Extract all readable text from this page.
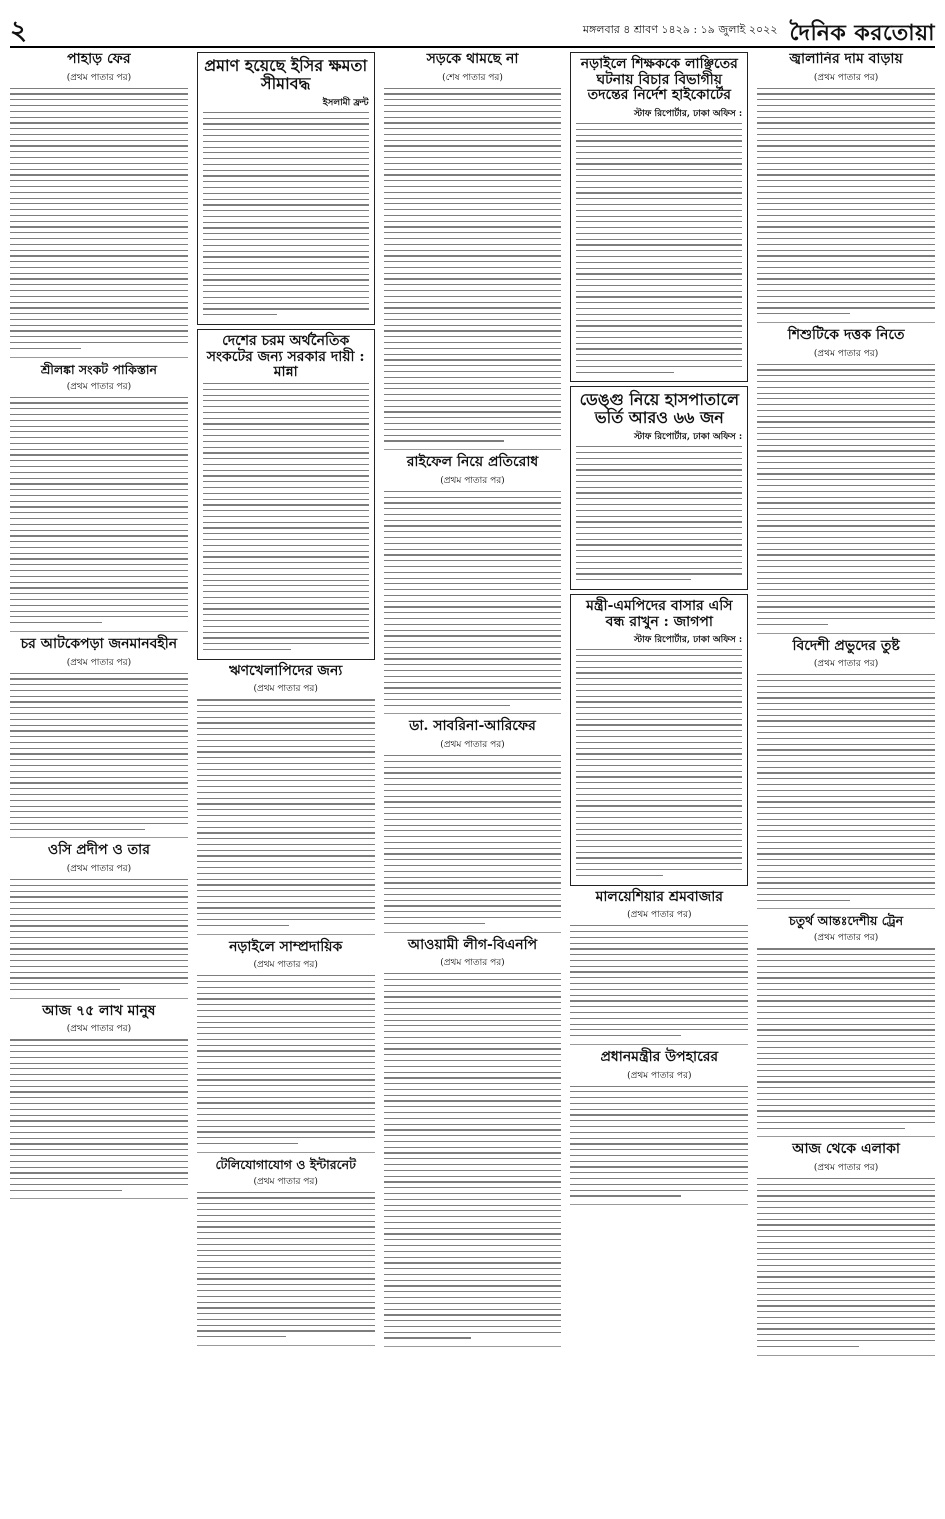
২	মঙ্গলবার ৪ শ্রাবণ ১৪২৯ : ১৯ জুলাই ২০২২ দৈনিক করতোয়া
পাহাড় ফের
(প্রথম পাতার পর)
শ্রীলঙ্কা সংকট পাকিস্তান
(প্রথম পাতার পর)
চর আটকেপড়া জনমানবহীন
(প্রথম পাতার পর)
ওসি প্রদীপ ও তার
(প্রথম পাতার পর)
আজ ৭৫ লাখ মানুষ
(প্রথম পাতার পর)
প্রমাণ হয়েছে ইসির ক্ষমতা সীমাবদ্ধ
ইসলামী ফ্রন্ট
দেশের চরম অর্থনৈতিক সংকটের জন্য সরকার দায়ী : মান্না
ঋণখেলাপিদের জন্য
(প্রথম পাতার পর)
নড়াইলে সাম্প্রদায়িক
(প্রথম পাতার পর)
টেলিযোগাযোগ ও ইন্টারনেট
(প্রথম পাতার পর)
সড়কে থামছে না
(শেষ পাতার পর)
রাইফেল নিয়ে প্রতিরোধ
(প্রথম পাতার পর)
ডা. সাবরিনা-আরিফের
(প্রথম পাতার পর)
আওয়ামী লীগ-বিএনপি
(প্রথম পাতার পর)
নড়াইলে শিক্ষককে লাঞ্ছিতের ঘটনায় বিচার বিভাগীয় তদন্তের নির্দেশ হাইকোর্টের
স্টাফ রিপোর্টার, ঢাকা অফিস :
ডেঙ্গু নিয়ে হাসপাতালে ভর্তি আরও ৬৬ জন
স্টাফ রিপোর্টার, ঢাকা অফিস :
মন্ত্রী-এমপিদের বাসার এসি বন্ধ রাখুন : জাগপা
স্টাফ রিপোর্টার, ঢাকা অফিস :
মালয়েশিয়ার শ্রমবাজার
(প্রথম পাতার পর)
প্রধানমন্ত্রীর উপহারের
(প্রথম পাতার পর)
জ্বালানির দাম বাড়ায়
(প্রথম পাতার পর)
শিশুটিকে দত্তক নিতে
(প্রথম পাতার পর)
বিদেশী প্রভুদের তুষ্ট
(প্রথম পাতার পর)
চতুর্থ আন্তঃদেশীয় ট্রেন
(প্রথম পাতার পর)
আজ থেকে এলাকা
(প্রথম পাতার পর)
